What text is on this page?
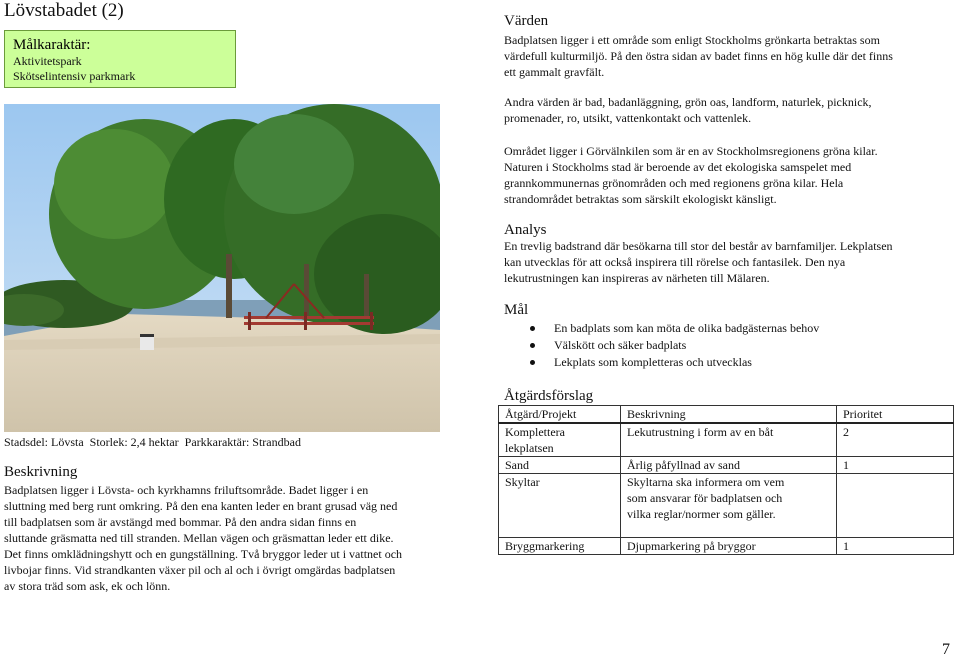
Lövstabadet (2)
Målkaraktär:
Aktivitetspark
Skötselintensiv parkmark
Stadsdel: Lövsta Storlek: 2,4 hektar Parkkaraktär: Strandbad
Beskrivning
Badplatsen ligger i Lövsta- och kyrkhamns friluftsområde. Badet ligger i en
sluttning med berg runt omkring. På den ena kanten leder en brant grusad väg ned
till badplatsen som är avstängd med bommar. På den andra sidan finns en
sluttande gräsmatta ned till stranden. Mellan vägen och gräsmattan leder ett dike.
Det finns omklädningshytt och en gungställning. Två bryggor leder ut i vattnet och
livbojar finns. Vid strandkanten växer pil och al och i övrigt omgärdas badplatsen
av stora träd som ask, ek och lönn.
Värden
Badplatsen ligger i ett område som enligt Stockholms grönkarta betraktas som
värdefull kulturmiljö. På den östra sidan av badet finns en hög kulle där det finns
ett gammalt gravfält.
Andra värden är bad, badanläggning, grön oas, landform, naturlek, picknick,
promenader, ro, utsikt, vattenkontakt och vattenlek.
Området ligger i Görvälnkilen som är en av Stockholmsregionens gröna kilar.
Naturen i Stockholms stad är beroende av det ekologiska samspelet med
grannkommunernas grönområden och med regionens gröna kilar. Hela
strandområdet betraktas som särskilt ekologiskt känsligt.
Analys
En trevlig badstrand där besökarna till stor del består av barnfamiljer. Lekplatsen
kan utvecklas för att också inspirera till rörelse och fantasilek. Den nya
lekutrustningen kan inspireras av närheten till Mälaren.
Mål
En badplats som kan möta de olika badgästernas behov
Välskött och säker badplats
Lekplats som kompletteras och utvecklas
Åtgärdsförslag
Åtgärd/Projekt	Beskrivning	Prioritet

Komplettera
lekplatsen	Lekutrustning i form av en båt	2
Sand	Årlig påfyllnad av sand	1
Skyltar	Skyltarna ska informera om vem
som ansvarar för badplatsen och
vilka reglar/normer som gäller.	

Bryggmarkering	Djupmarkering på bryggor	1
7
